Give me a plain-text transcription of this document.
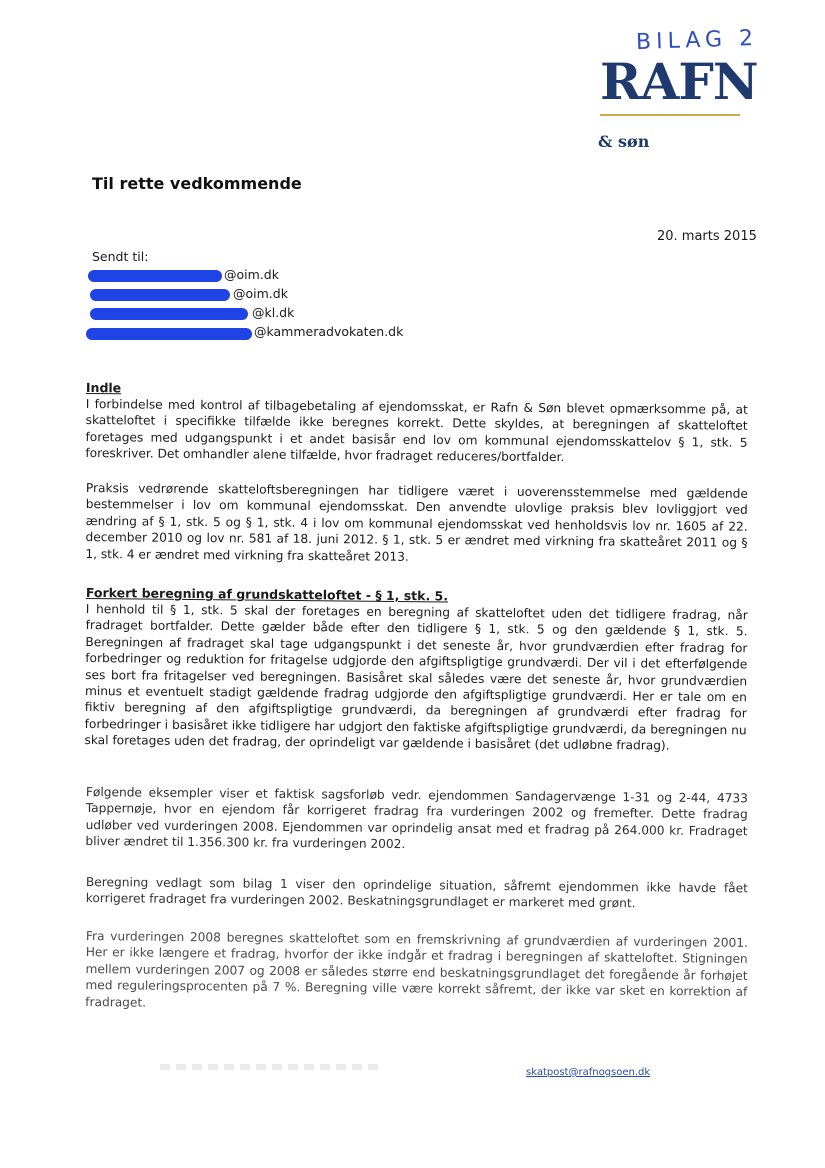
BILAG 2
RAFN
& søn
Til rette vedkommende
20. marts 2015
Sendt til:
@oim.dk
@oim.dk
@kl.dk
@kammeradvokaten.dk
Indle

I forbindelse med kontrol af tilbagebetaling af ejendomsskat, er Rafn & Søn blevet opmærksomme på, at skatteloftet i specifikke tilfælde ikke beregnes korrekt. Dette skyldes, at beregningen af skatteloftet foretages med udgangspunkt i et andet basisår end lov om kommunal ejendomsskattelov § 1, stk. 5 foreskriver. Det omhandler alene tilfælde, hvor fradraget reduceres/bortfalder.

Praksis vedrørende skatteloftsberegningen har tidligere været i uoverensstemmelse med gældende bestemmelser i lov om kommunal ejendomsskat. Den anvendte ulovlige praksis blev lovliggjort ved ændring af § 1, stk. 5 og § 1, stk. 4 i lov om kommunal ejendomsskat ved henholdsvis lov nr. 1605 af 22. december 2010 og lov nr. 581 af 18. juni 2012. § 1, stk. 5 er ændret med virkning fra skatteåret 2011 og § 1, stk. 4 er ændret med virkning fra skatteåret 2013.

Forkert beregning af grundskatteloftet - § 1, stk. 5.

I henhold til § 1, stk. 5 skal der foretages en beregning af skatteloftet uden det tidligere fradrag, når fradraget bortfalder. Dette gælder både efter den tidligere § 1, stk. 5 og den gældende § 1, stk. 5. Beregningen af fradraget skal tage udgangspunkt i det seneste år, hvor grundværdien efter fradrag for forbedringer og reduktion for fritagelse udgjorde den afgiftspligtige grundværdi. Der vil i det efterfølgende ses bort fra fritagelser ved beregningen. Basisåret skal således være det seneste år, hvor grundværdien minus et eventuelt stadigt gældende fradrag udgjorde den afgiftspligtige grundværdi. Her er tale om en fiktiv beregning af den afgiftspligtige grundværdi, da beregningen af grundværdi efter fradrag for forbedringer i basisåret ikke tidligere har udgjort den faktiske afgiftspligtige grundværdi, da beregningen nu skal foretages uden det fradrag, der oprindeligt var gældende i basisåret (det udløbne fradrag).

Følgende eksempler viser et faktisk sagsforløb vedr. ejendommen Sandagervænge 1-31 og 2-44, 4733 Tappernøje, hvor en ejendom får korrigeret fradrag fra vurderingen 2002 og fremefter. Dette fradrag udløber ved vurderingen 2008. Ejendommen var oprindelig ansat med et fradrag på 264.000 kr. Fradraget bliver ændret til 1.356.300 kr. fra vurderingen 2002.

Beregning vedlagt som bilag 1 viser den oprindelige situation, såfremt ejendommen ikke havde fået korrigeret fradraget fra vurderingen 2002. Beskatningsgrundlaget er markeret med grønt.

Fra vurderingen 2008 beregnes skatteloftet som en fremskrivning af grundværdien af vurderingen 2001. Her er ikke længere et fradrag, hvorfor der ikke indgår et fradrag i beregningen af skatteloftet. Stigningen mellem vurderingen 2007 og 2008 er således større end beskatningsgrundlaget det foregående år forhøjet med reguleringsprocenten på 7 %. Beregning ville være korrekt såfremt, der ikke var sket en korrektion af fradraget.

skatpost@rafnogsoen.dk
